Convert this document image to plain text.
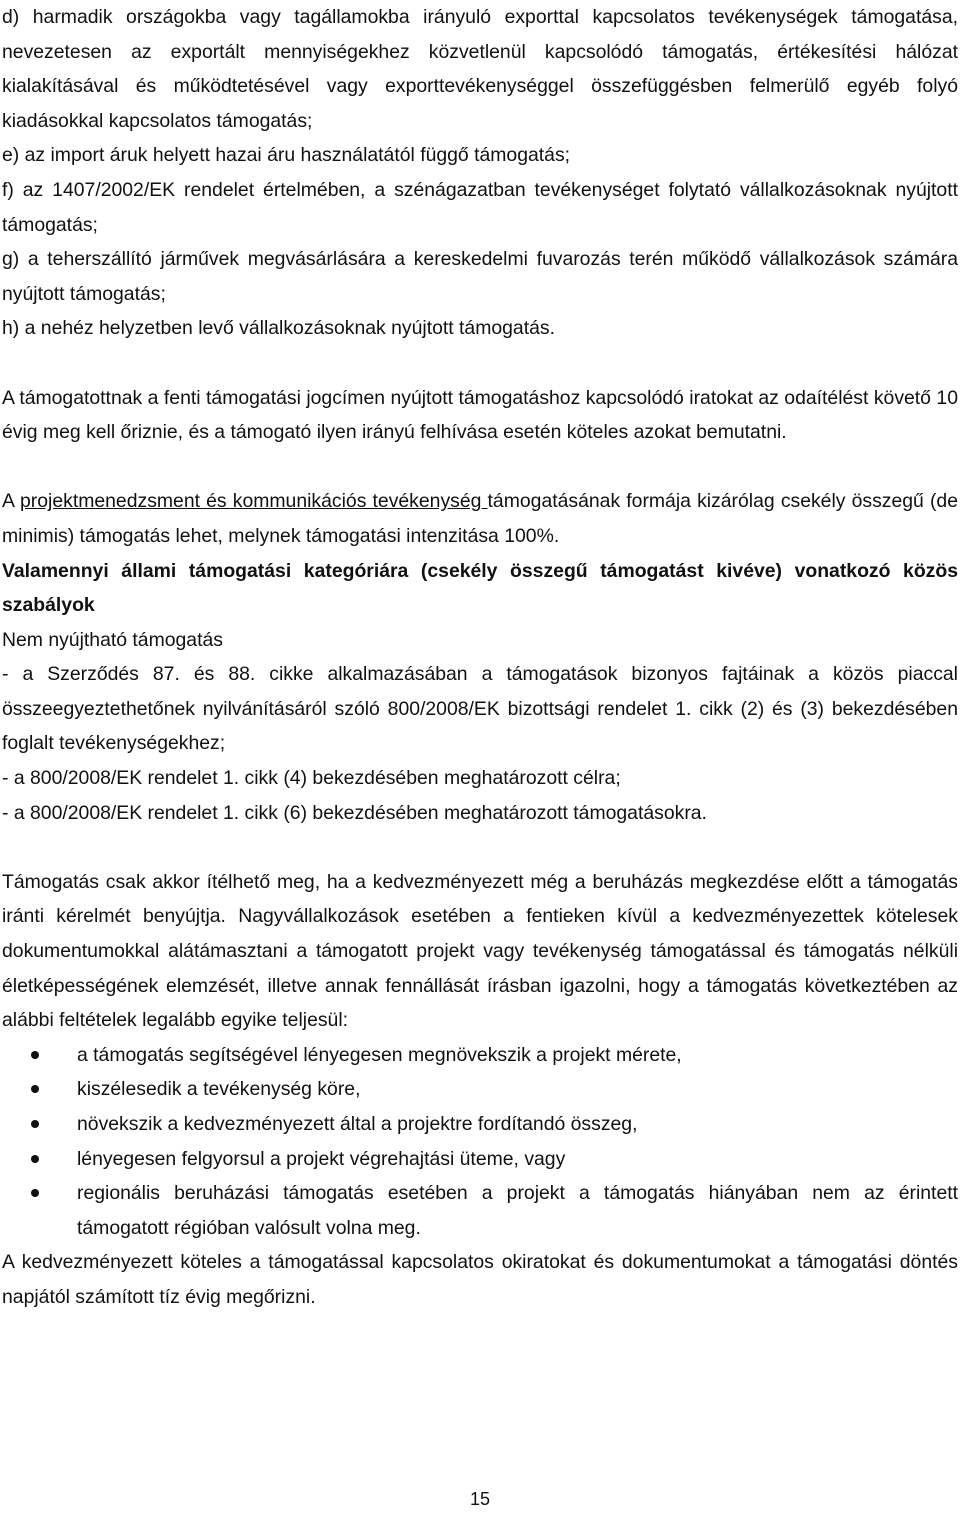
d) harmadik országokba vagy tagállamokba irányuló exporttal kapcsolatos tevékenységek támogatása, nevezetesen az exportált mennyiségekhez közvetlenül kapcsolódó támogatás, értékesítési hálózat kialakításával és működtetésével vagy exporttevékenységgel összefüggésben felmerülő egyéb folyó kiadásokkal kapcsolatos támogatás;

e) az import áruk helyett hazai áru használatától függő támogatás;

f) az 1407/2002/EK rendelet értelmében, a szénágazatban tevékenységet folytató vállalkozásoknak nyújtott támogatás;

g) a teherszállító járművek megvásárlására a kereskedelmi fuvarozás terén működő vállalkozások számára nyújtott támogatás;

h) a nehéz helyzetben levő vállalkozásoknak nyújtott támogatás.

A támogatottnak a fenti támogatási jogcímen nyújtott támogatáshoz kapcsolódó iratokat az odaítélést követő 10 évig meg kell őriznie, és a támogató ilyen irányú felhívása esetén köteles azokat bemutatni.

A projektmenedzsment és kommunikációs tevékenység támogatásának formája kizárólag csekély összegű (de minimis) támogatás lehet, melynek támogatási intenzitása 100%.

Valamennyi állami támogatási kategóriára (csekély összegű támogatást kivéve) vonatkozó közös szabályok

Nem nyújtható támogatás

- a Szerződés 87. és 88. cikke alkalmazásában a támogatások bizonyos fajtáinak a közös piaccal összeegyeztethetőnek nyilvánításáról szóló 800/2008/EK bizottsági rendelet 1. cikk (2) és (3) bekezdésében foglalt tevékenységekhez;

- a 800/2008/EK rendelet 1. cikk (4) bekezdésében meghatározott célra;

- a 800/2008/EK rendelet 1. cikk (6) bekezdésében meghatározott támogatásokra.

Támogatás csak akkor ítélhető meg, ha a kedvezményezett még a beruházás megkezdése előtt a támogatás iránti kérelmét benyújtja. Nagyvállalkozások esetében a fentieken kívül a kedvezményezettek kötelesek dokumentumokkal alátámasztani a támogatott projekt vagy tevékenység támogatással és támogatás nélküli életképességének elemzését, illetve annak fennállását írásban igazolni, hogy a támogatás következtében az alábbi feltételek legalább egyike teljesül:

a támogatás segítségével lényegesen megnövekszik a projekt mérete,
kiszélesedik a tevékenység köre,
növekszik a kedvezményezett által a projektre fordítandó összeg,
lényegesen felgyorsul a projekt végrehajtási üteme, vagy
regionális beruházási támogatás esetében a projekt a támogatás hiányában nem az érintett támogatott régióban valósult volna meg.

A kedvezményezett köteles a támogatással kapcsolatos okiratokat és dokumentumokat a támogatási döntés napjától számított tíz évig megőrizni.

15
